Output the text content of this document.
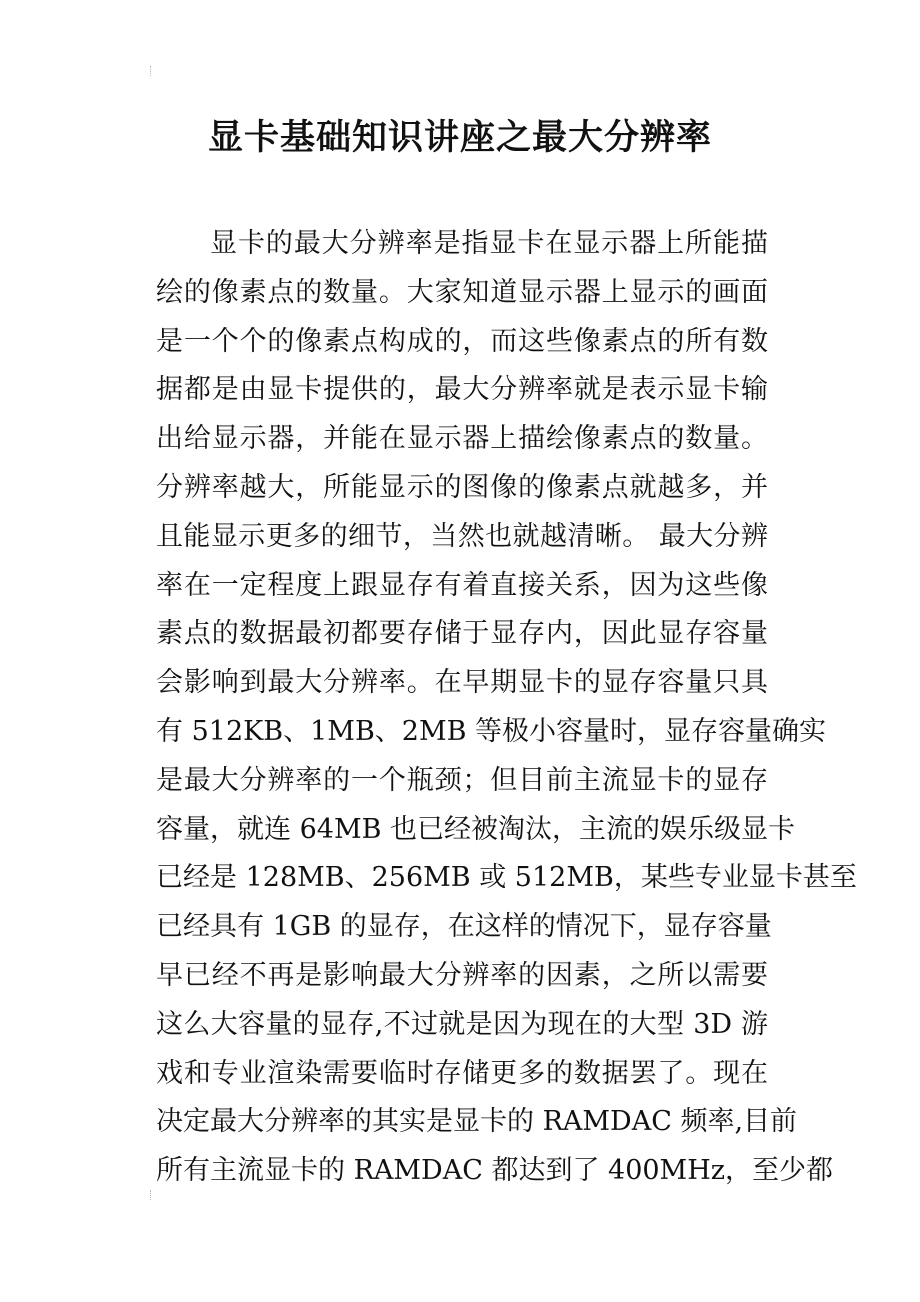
显卡基础知识讲座之最大分辨率
显卡的最大分辨率是指显卡在显示器上所能描
绘的像素点的数量。大家知道显示器上显示的画面
是一个个的像素点构成的，而这些像素点的所有数
据都是由显卡提供的，最大分辨率就是表示显卡输
出给显示器，并能在显示器上描绘像素点的数量。
分辨率越大，所能显示的图像的像素点就越多，并
且能显示更多的细节，当然也就越清晰。 最大分辨
率在一定程度上跟显存有着直接关系，因为这些像
素点的数据最初都要存储于显存内，因此显存容量
会影响到最大分辨率。在早期显卡的显存容量只具
有 512KB、1MB、2MB 等极小容量时，显存容量确实
是最大分辨率的一个瓶颈；但目前主流显卡的显存
容量，就连 64MB 也已经被淘汰，主流的娱乐级显卡
已经是 128MB、256MB 或 512MB，某些专业显卡甚至
已经具有 1GB 的显存，在这样的情况下，显存容量
早已经不再是影响最大分辨率的因素，之所以需要
这么大容量的显存,不过就是因为现在的大型 3D 游
戏和专业渲染需要临时存储更多的数据罢了。现在
决定最大分辨率的其实是显卡的 RAMDAC 频率,目前
所有主流显卡的 RAMDAC 都达到了 400MHz，至少都
